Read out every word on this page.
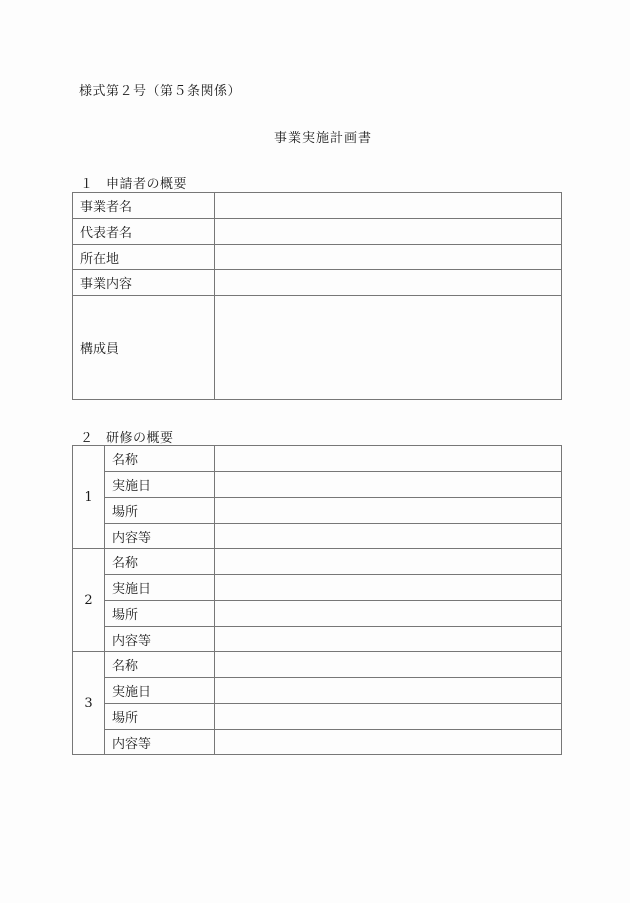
様式第２号（第５条関係）
事業実施計画書
１ 申請者の概要
事業者名	
代表者名	
所在地	
事業内容	
構成員	
２ 研修の概要
1	名称	
	実施日	
	場所	
	内容等	
2	名称	
	実施日	
	場所	
	内容等	
3	名称	
	実施日	
	場所	
	内容等	
